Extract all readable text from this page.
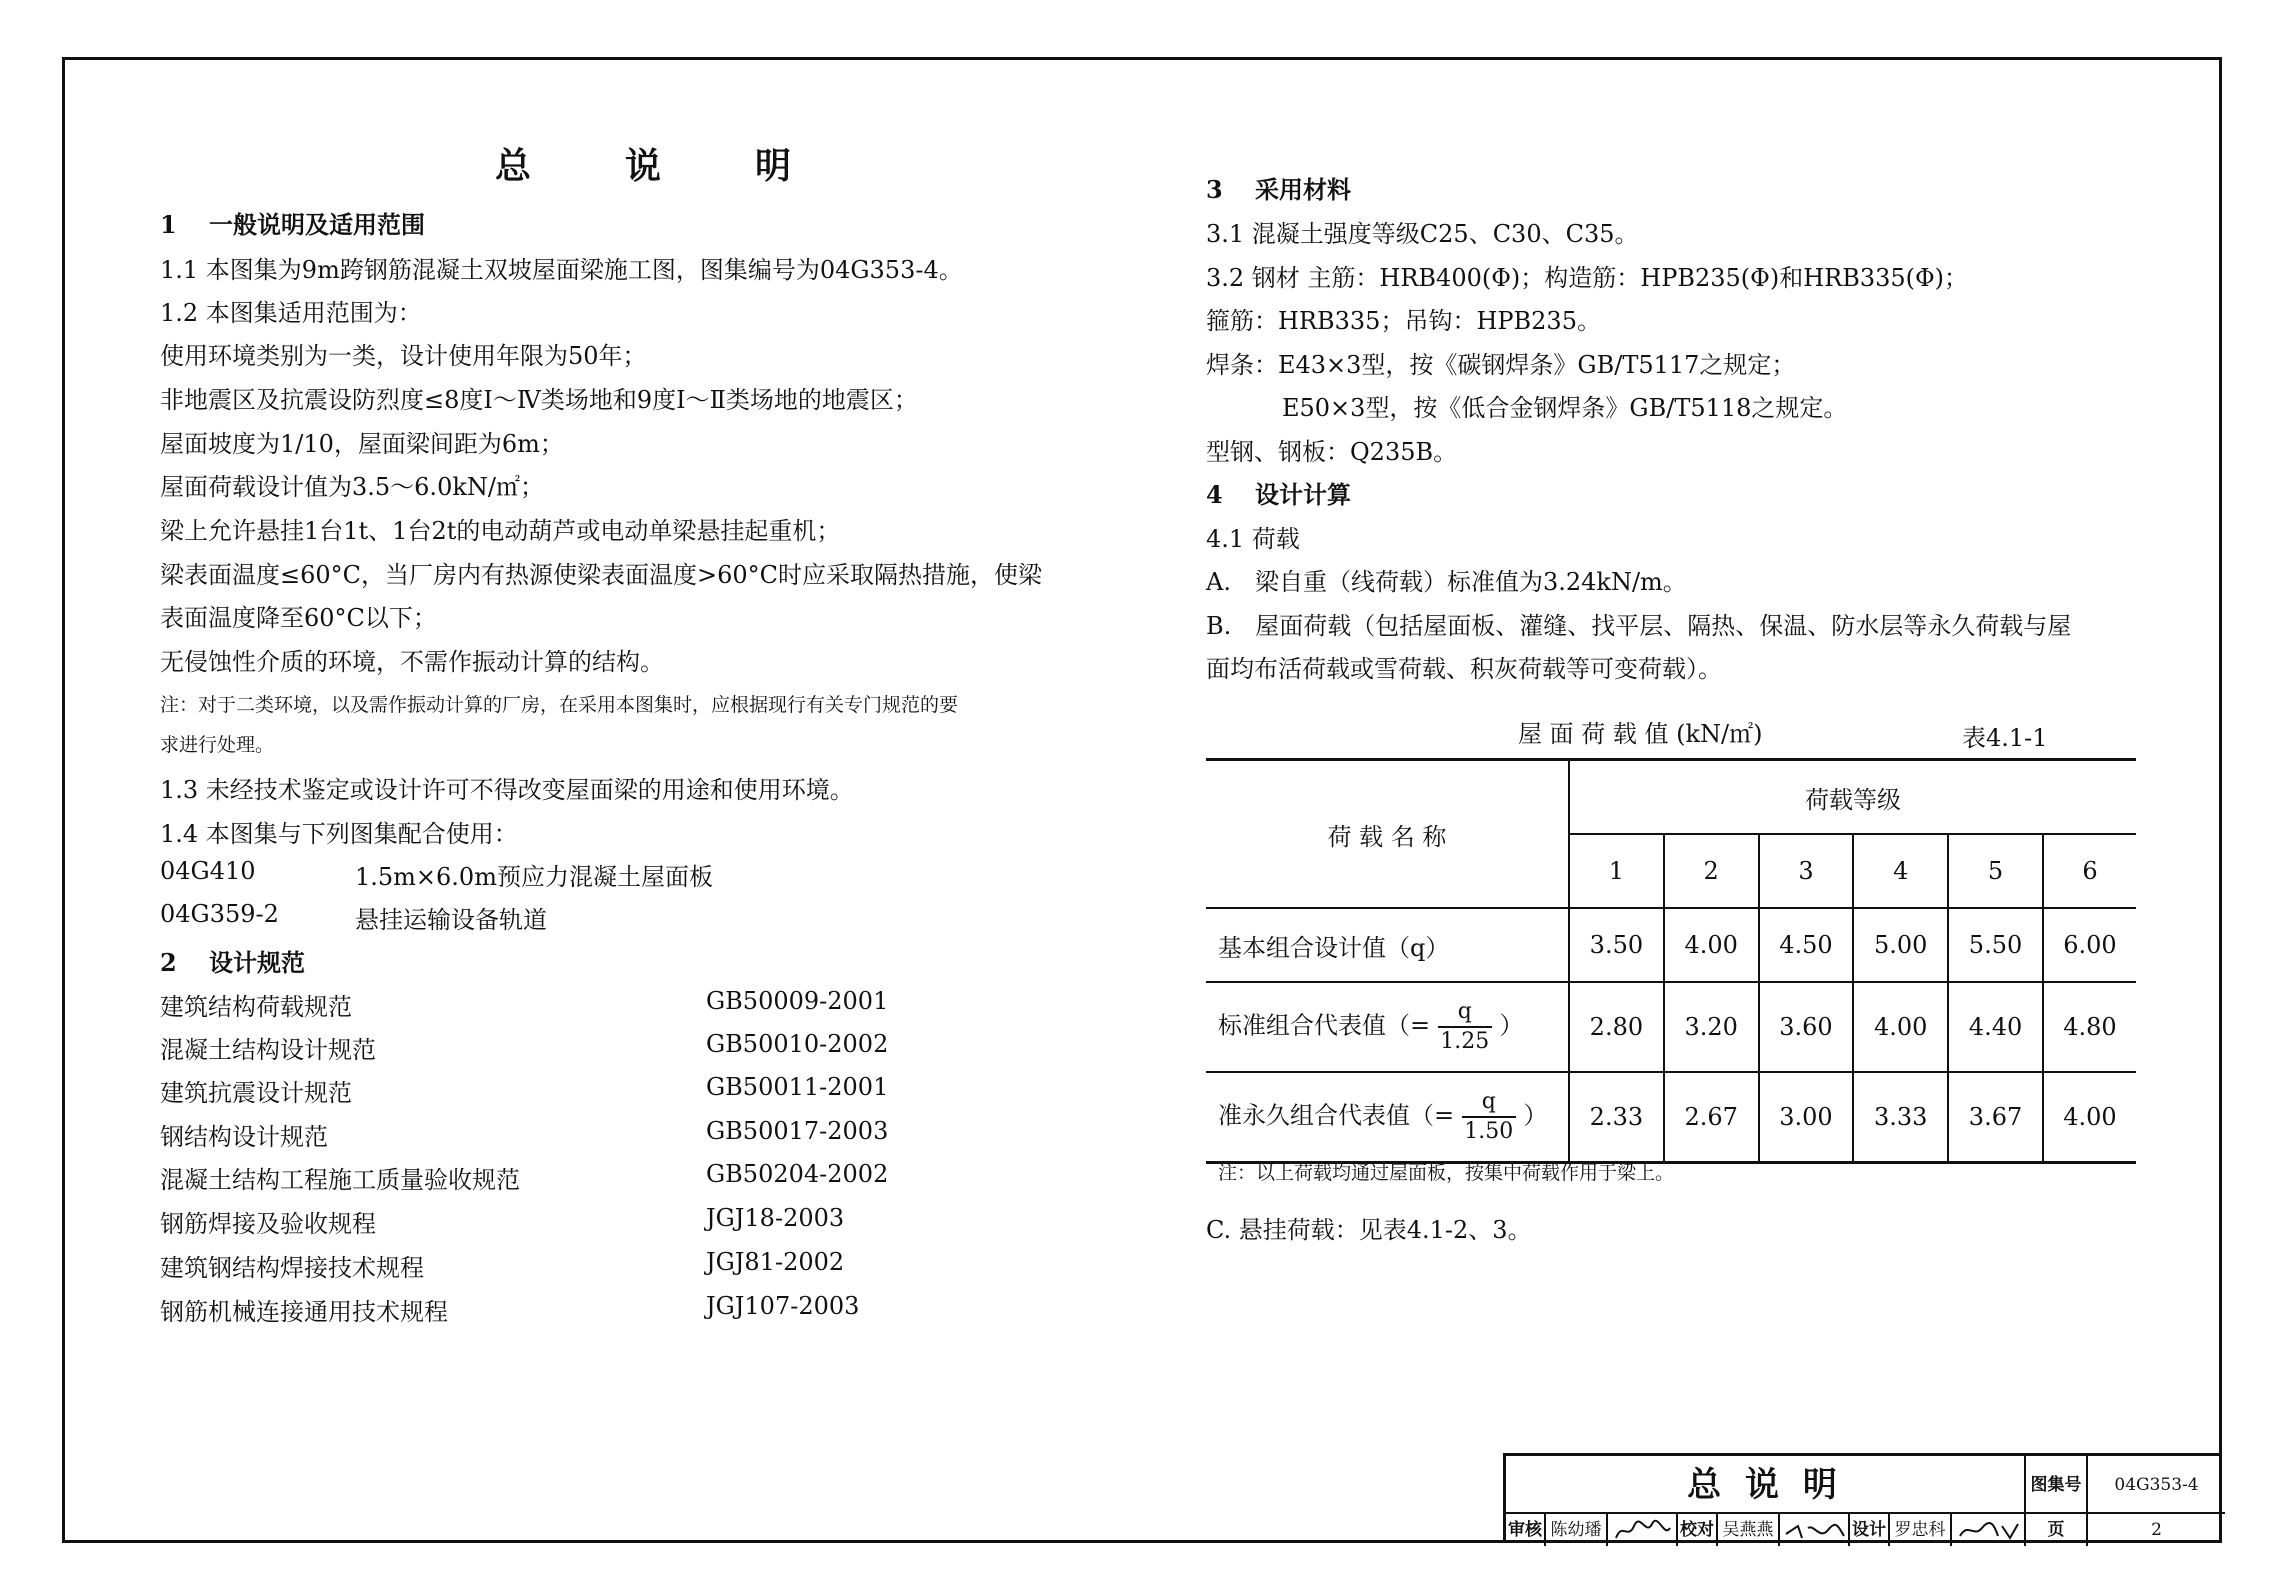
总 说 明
1　 一般说明及适用范围
1.1 本图集为9m跨钢筋混凝土双坡屋面梁施工图，图集编号为04G353-4。
1.2 本图集适用范围为：
使用环境类别为一类，设计使用年限为50年；
非地震区及抗震设防烈度≤8度Ⅰ～Ⅳ类场地和9度Ⅰ～Ⅱ类场地的地震区；
屋面坡度为1/10，屋面梁间距为6m；
屋面荷载设计值为3.5～6.0kN/㎡；
梁上允许悬挂1台1t、1台2t的电动葫芦或电动单梁悬挂起重机；
梁表面温度≤60°C，当厂房内有热源使梁表面温度>60°C时应采取隔热措施，使梁
表面温度降至60°C以下；
无侵蚀性介质的环境，不需作振动计算的结构。
注：对于二类环境，以及需作振动计算的厂房，在采用本图集时，应根据现行有关专门规范的要
求进行处理。
1.3 未经技术鉴定或设计许可不得改变屋面梁的用途和使用环境。
1.4 本图集与下列图集配合使用：
04G410	1.5m×6.0m预应力混凝土屋面板
04G359-2	悬挂运输设备轨道
2　 设计规范
建筑结构荷载规范	GB50009-2001
混凝土结构设计规范	GB50010-2002
建筑抗震设计规范	GB50011-2001
钢结构设计规范	GB50017-2003
混凝土结构工程施工质量验收规范	GB50204-2002
钢筋焊接及验收规程	JGJ18-2003
建筑钢结构焊接技术规程	JGJ81-2002
钢筋机械连接通用技术规程	JGJ107-2003
3　 采用材料
3.1 混凝土强度等级C25、C30、C35。
3.2 钢材 主筋：HRB400(Φ)；构造筋：HPB235(Φ)和HRB335(Φ)；
箍筋：HRB335；吊钩：HPB235。
焊条：E43×3型，按《碳钢焊条》GB/T5117之规定；
E50×3型，按《低合金钢焊条》GB/T5118之规定。
型钢、钢板：Q235B。
4　 设计计算
4.1 荷载
A.　梁自重（线荷载）标准值为3.24kN/m。
B.　屋面荷载（包括屋面板、灌缝、找平层、隔热、保温、防水层等永久荷载与屋
面均布活荷载或雪荷载、积灰荷载等可变荷载）。
屋 面 荷 载 值 (kN/㎡)	表4.1-1
注：以上荷载均通过屋面板，按集中荷载作用于梁上。
C. 悬挂荷载：见表4.1-2、3。
荷 载 名 称	荷载等级					
	1	2	3	4	5	6
基本组合设计值（q）	3.50	4.00	4.50	5.00	5.50	6.00
标准组合代表值（= $\frac{q}{1.25}$ ）	2.80	3.20	3.60	4.00	4.40	4.80
准永久组合代表值（= $\frac{q}{1.50}$ ）	2.33	2.67	3.00	3.33	3.67	4.00
总 说 明	图集号	04G353-4
审核 陈幼璠	校对 吴燕燕	设计 罗忠科	页	2
